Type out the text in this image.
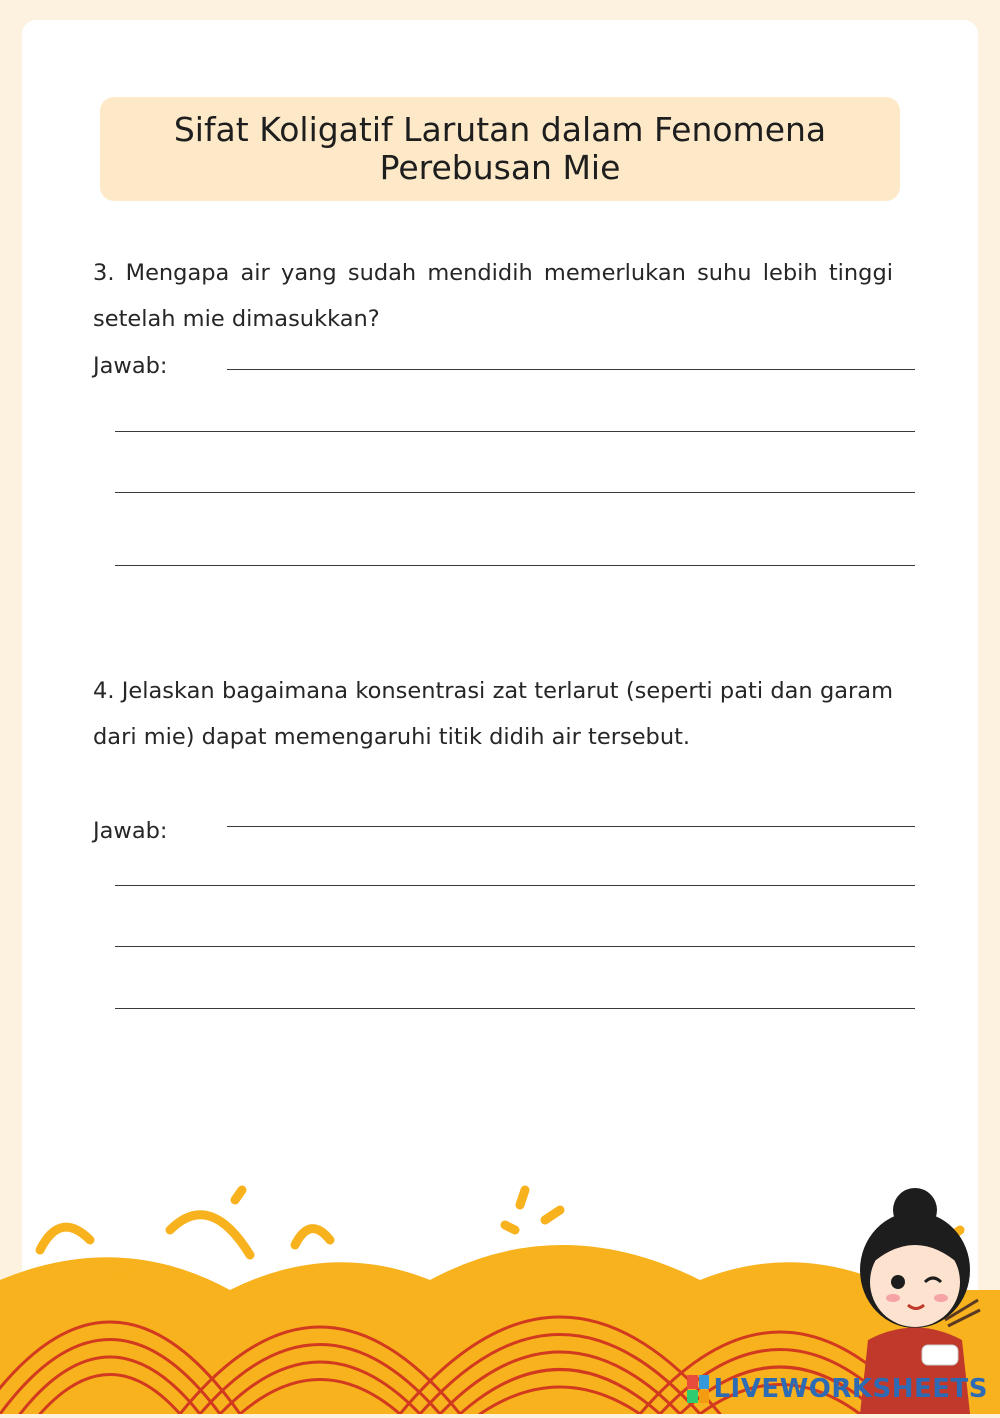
Sifat Koligatif Larutan dalam Fenomena Perebusan Mie
3. Mengapa air yang sudah mendidih memerlukan suhu lebih tinggi setelah mie dimasukkan?
Jawab:
4. Jelaskan bagaimana konsentrasi zat terlarut (seperti pati dan garam dari mie) dapat memengaruhi titik didih air tersebut.
Jawab:
LIVEWORKSHEETS
